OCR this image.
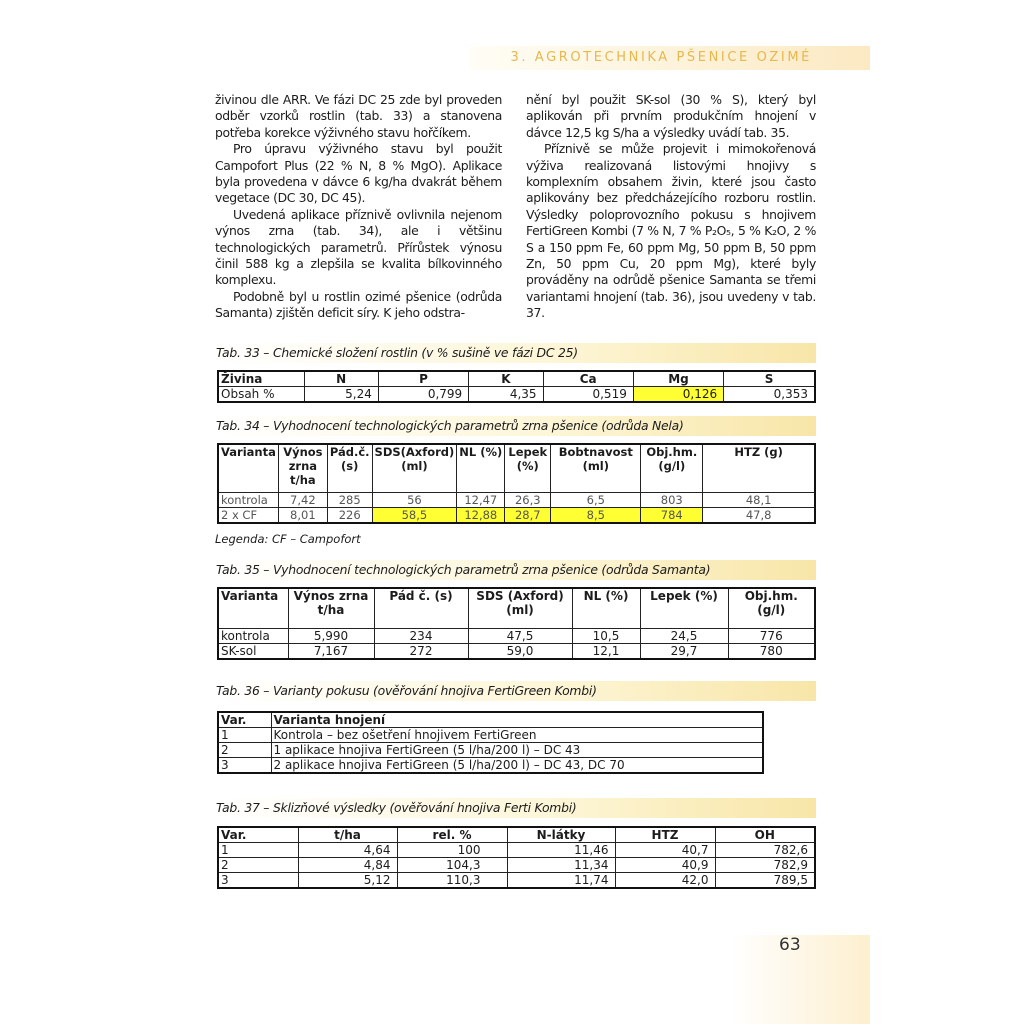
3. AGROTECHNIKA PŠENICE OZIMÉ

živinou dle ARR. Ve fázi DC 25 zde byl proveden odběr vzorků rostlin (tab. 33) a stanovena potřeba korekce výživného stavu hořčíkem.

Pro úpravu výživného stavu byl použit Campofort Plus (22 % N, 8 % MgO). Aplikace byla provedena v dávce 6 kg/ha dvakrát během vegetace (DC 30, DC 45).

Uvedená aplikace příznivě ovlivnila nejenom výnos zrna (tab. 34), ale i většinu technologických parametrů. Přírůstek výnosu činil 588 kg a zlepšila se kvalita bílkovinného komplexu.

Podobně byl u rostlin ozimé pšenice (odrůda Samanta) zjištěn deficit síry. K jeho odstra-

nění byl použit SK-sol (30 % S), který byl aplikován při prvním produkčním hnojení v dávce 12,5 kg S/ha a výsledky uvádí tab. 35.

Příznivě se může projevit i mimokořenová výživa realizovaná listovými hnojivy s komplexním obsahem živin, které jsou často aplikovány bez předcházejícího rozboru rostlin. Výsledky poloprovozního pokusu s hnojivem FertiGreen Kombi (7 % N, 7 % P₂O₅, 5 % K₂O, 2 % S a 150 ppm Fe, 60 ppm Mg, 50 ppm B, 50 ppm Zn, 50 ppm Cu, 20 ppm Mg), které byly prováděny na odrůdě pšenice Samanta se třemi variantami hnojení (tab. 36), jsou uvedeny v tab. 37.

Tab. 33 – Chemické složení rostlin (v % sušině ve fázi DC 25)
Živina	N	P	K	Ca	Mg	S
Obsah %	5,24	0,799	4,35	0,519	0,126	0,353
Tab. 34 – Vyhodnocení technologických parametrů zrna pšenice (odrůda Nela)
Varianta	Výnos zrna t/ha	Pád.č. (s)	SDS(Axford) (ml)	NL (%)	Lepek (%)	Bobtnavost (ml)	Obj.hm. (g/l)	HTZ (g)
kontrola	7,42	285	56	12,47	26,3	6,5	803	48,1
2 x CF	8,01	226	58,5	12,88	28,7	8,5	784	47,8
Legenda: CF – Campofort
Tab. 35 – Vyhodnocení technologických parametrů zrna pšenice (odrůda Samanta)
Varianta	Výnos zrna t/ha	Pád č. (s)	SDS (Axford) (ml)	NL (%)	Lepek (%)	Obj.hm. (g/l)
kontrola	5,990	234	47,5	10,5	24,5	776
SK-sol	7,167	272	59,0	12,1	29,7	780
Tab. 36 – Varianty pokusu (ověřování hnojiva FertiGreen Kombi)
Var.	Varianta hnojení
1	Kontrola – bez ošetření hnojivem FertiGreen
2	1 aplikace hnojiva FertiGreen (5 l/ha/200 l) – DC 43
3	2 aplikace hnojiva FertiGreen (5 l/ha/200 l) – DC 43, DC 70
Tab. 37 – Sklizňové výsledky (ověřování hnojiva Ferti Kombi)
Var.	t/ha	rel. %	N-látky	HTZ	OH
1	4,64	100	11,46	40,7	782,6
2	4,84	104,3	11,34	40,9	782,9
3	5,12	110,3	11,74	42,0	789,5
63
